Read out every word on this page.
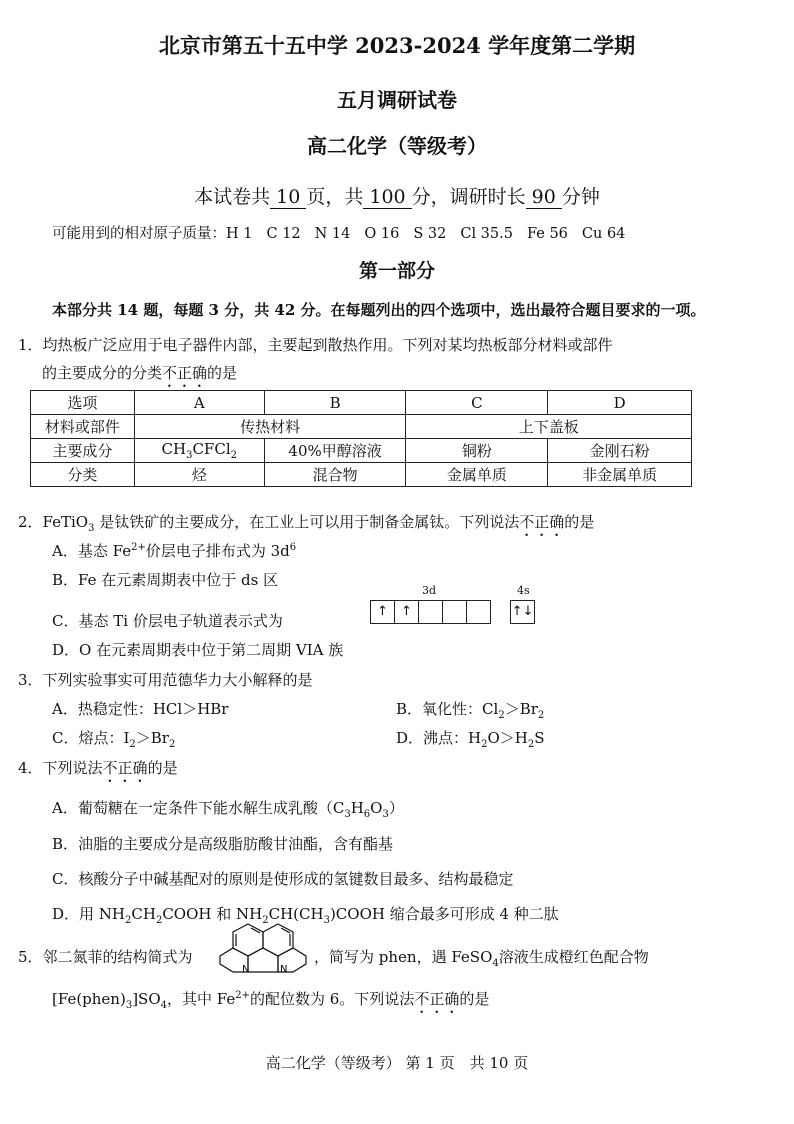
北京市第五十五中学 2023-2024 学年度第二学期
五月调研试卷
高二化学（等级考）
本试卷共 10 页，共 100 分，调研时长 90 分钟
可能用到的相对原子质量：H 1 C 12 N 14 O 16 S 32 Cl 35.5 Fe 56 Cu 64
第一部分
本部分共 14 题，每题 3 分，共 42 分。在每题列出的四个选项中，选出最符合题目要求的一项。
1．均热板广泛应用于电子器件内部，主要起到散热作用。下列对某均热板部分材料或部件
的主要成分的分类不正确的是
选项	A	B	C	D
材料或部件	传热材料		上下盖板	
主要成分	$CH_3CFCl_2$	40%甲醇溶液	铜粉	金刚石粉
分类	烃	混合物	金属单质	非金属单质
2．FeTiO$_3$ 是钛铁矿的主要成分，在工业上可以用于制备金属钛。下列说法不正确的是
A．基态 $Fe^{2+}$价层电子排布式为 $3d^6$
B．Fe 在元素周期表中位于 ds 区
C．基态 Ti 价层电子轨道表示式为
3d	4s
↑	↑	↑↓
D．O 在元素周期表中位于第二周期 VIA 族
3．下列实验事实可用范德华力大小解释的是
A．热稳定性：HCl＞HBr	B．氧化性：$Cl_2>Br_2$
C．熔点：$I_2>Br_2$	D．沸点：$H_2O>H_2S$
4．下列说法不正确的是
A．葡萄糖在一定条件下能水解生成乳酸$(C_3H_6O_3)$
B．油脂的主要成分是高级脂肪酸甘油酯，含有酯基
C．核酸分子中碱基配对的原则是使形成的氢键数目最多、结构最稳定
D．用 $NH_2CH_2COOH$ 和 $NH_2CH(CH_3)COOH$ 缩合最多可形成 4 种二肽
5．邻二氮菲的结构简式为
N	N
，简写为 phen，遇 FeSO$_4$溶液生成橙红色配合物
$[Fe(phen)_3]SO_4$，其中 $Fe^{2+}$的配位数为 6。下列说法不正确的是
高二化学（等级考） 第 1 页　共 10 页
